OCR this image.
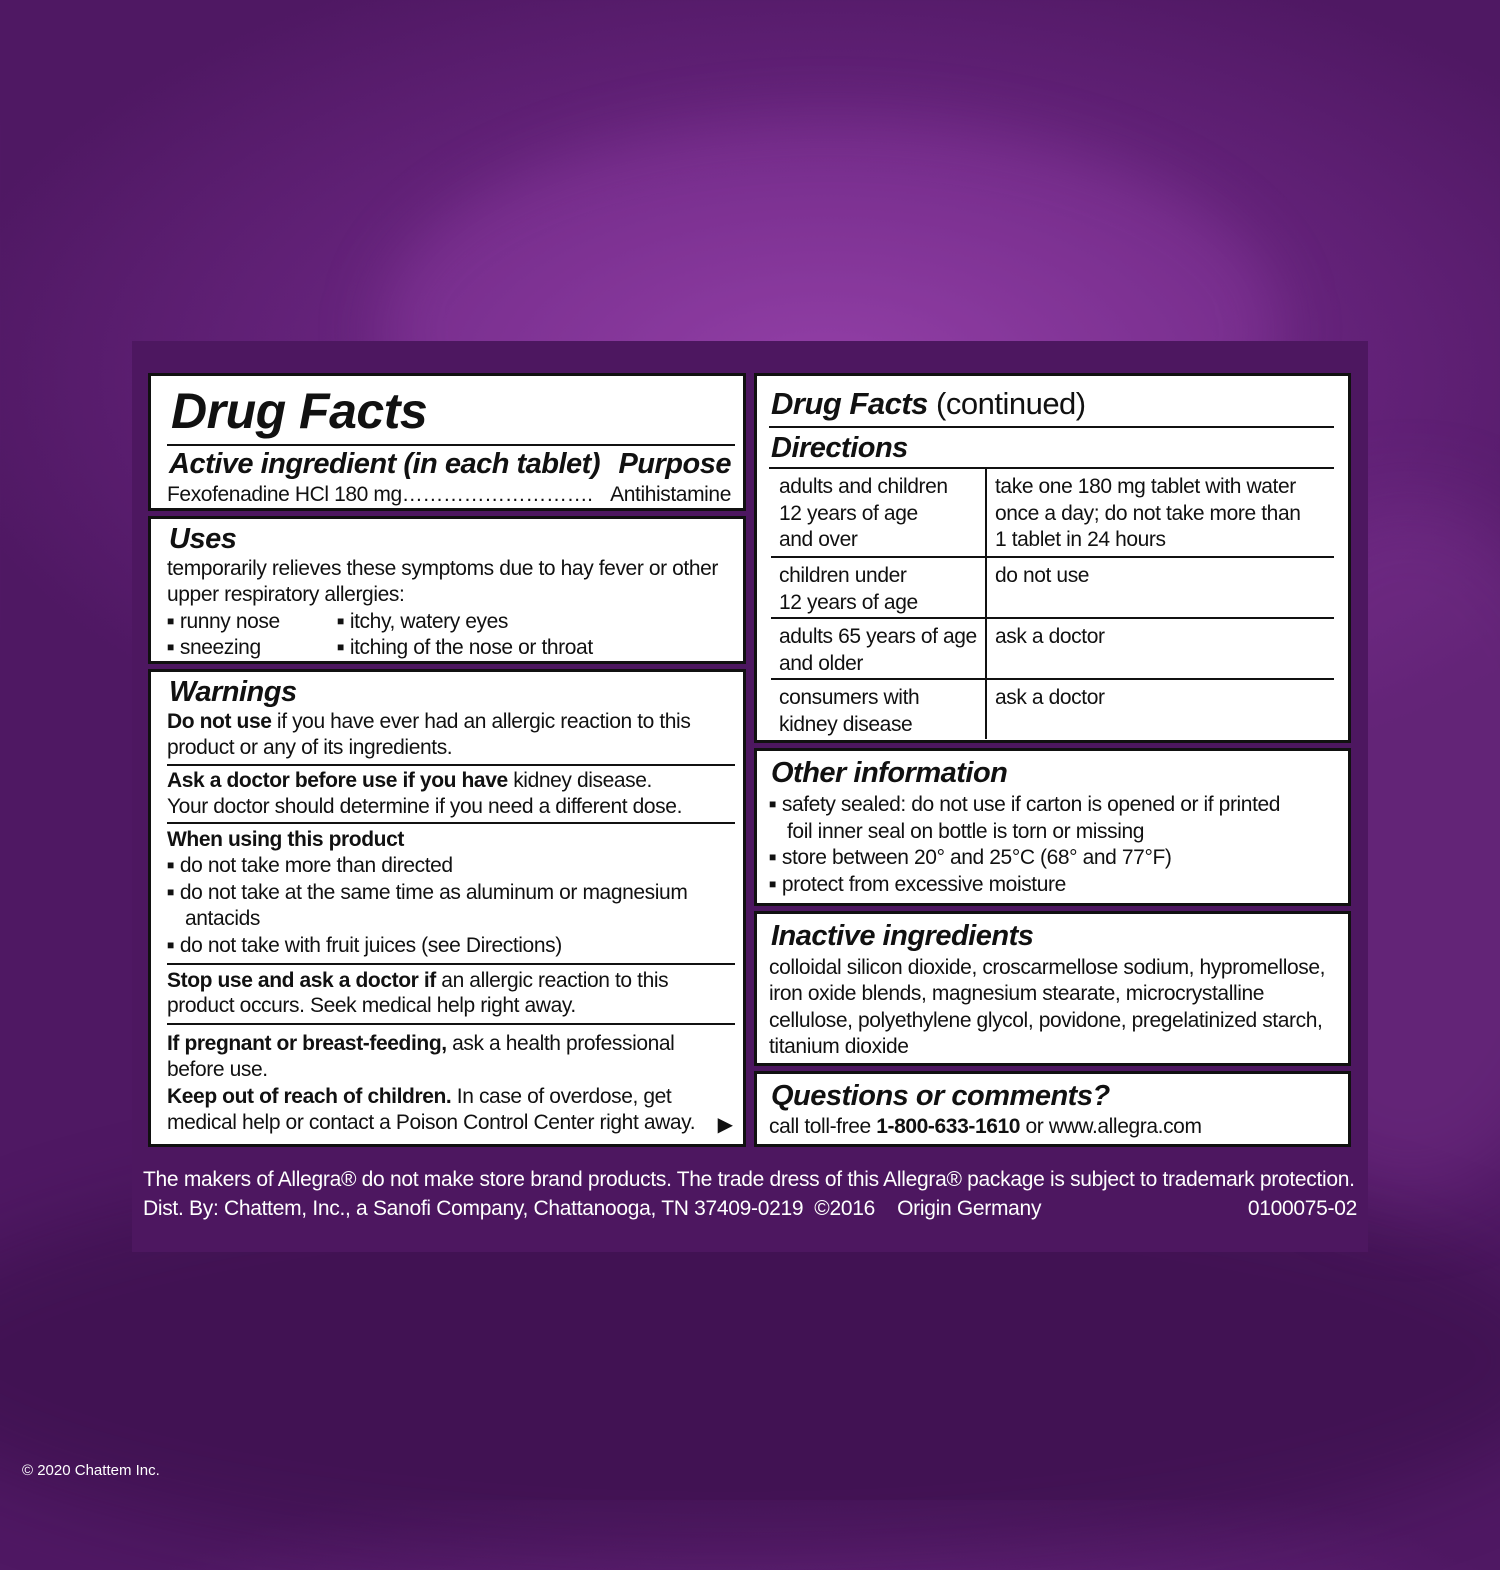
Drug Facts
Active ingredient (in each tablet) Purpose
Fexofenadine HCl 180 mg………………………. Antihistamine
Uses
temporarily relieves these symptoms due to hay fever or other
upper respiratory allergies:
■ runny nose	■ itchy, watery eyes
■ sneezing	■ itching of the nose or throat
Warnings
Do not use if you have ever had an allergic reaction to this
product or any of its ingredients.
Ask a doctor before use if you have kidney disease.
Your doctor should determine if you need a different dose.
When using this product
■ do not take more than directed
■ do not take at the same time as aluminum or magnesium
antacids
■ do not take with fruit juices (see Directions)
Stop use and ask a doctor if an allergic reaction to this
product occurs. Seek medical help right away.
If pregnant or breast-feeding, ask a health professional
before use.
Keep out of reach of children. In case of overdose, get
medical help or contact a Poison Control Center right away. ▶
Drug Facts (continued)
Directions
adults and children
12 years of age
and over	take one 180 mg tablet with water
once a day; do not take more than
1 tablet in 24 hours
children under
12 years of age	do not use
adults 65 years of age
and older	ask a doctor
consumers with
kidney disease	ask a doctor
Other information
■ safety sealed: do not use if carton is opened or if printed
foil inner seal on bottle is torn or missing
■ store between 20° and 25°C (68° and 77°F)
■ protect from excessive moisture
Inactive ingredients
colloidal silicon dioxide, croscarmellose sodium, hypromellose,
iron oxide blends, magnesium stearate, microcrystalline
cellulose, polyethylene glycol, povidone, pregelatinized starch,
titanium dioxide
Questions or comments?
call toll-free 1-800-633-1610 or www.allegra.com
The makers of Allegra® do not make store brand products. The trade dress of this Allegra® package is subject to trademark protection.
Dist. By: Chattem, Inc., a Sanofi Company, Chattanooga, TN 37409-0219  ©2016    Origin Germany	0100075-02
© 2020 Chattem Inc.
